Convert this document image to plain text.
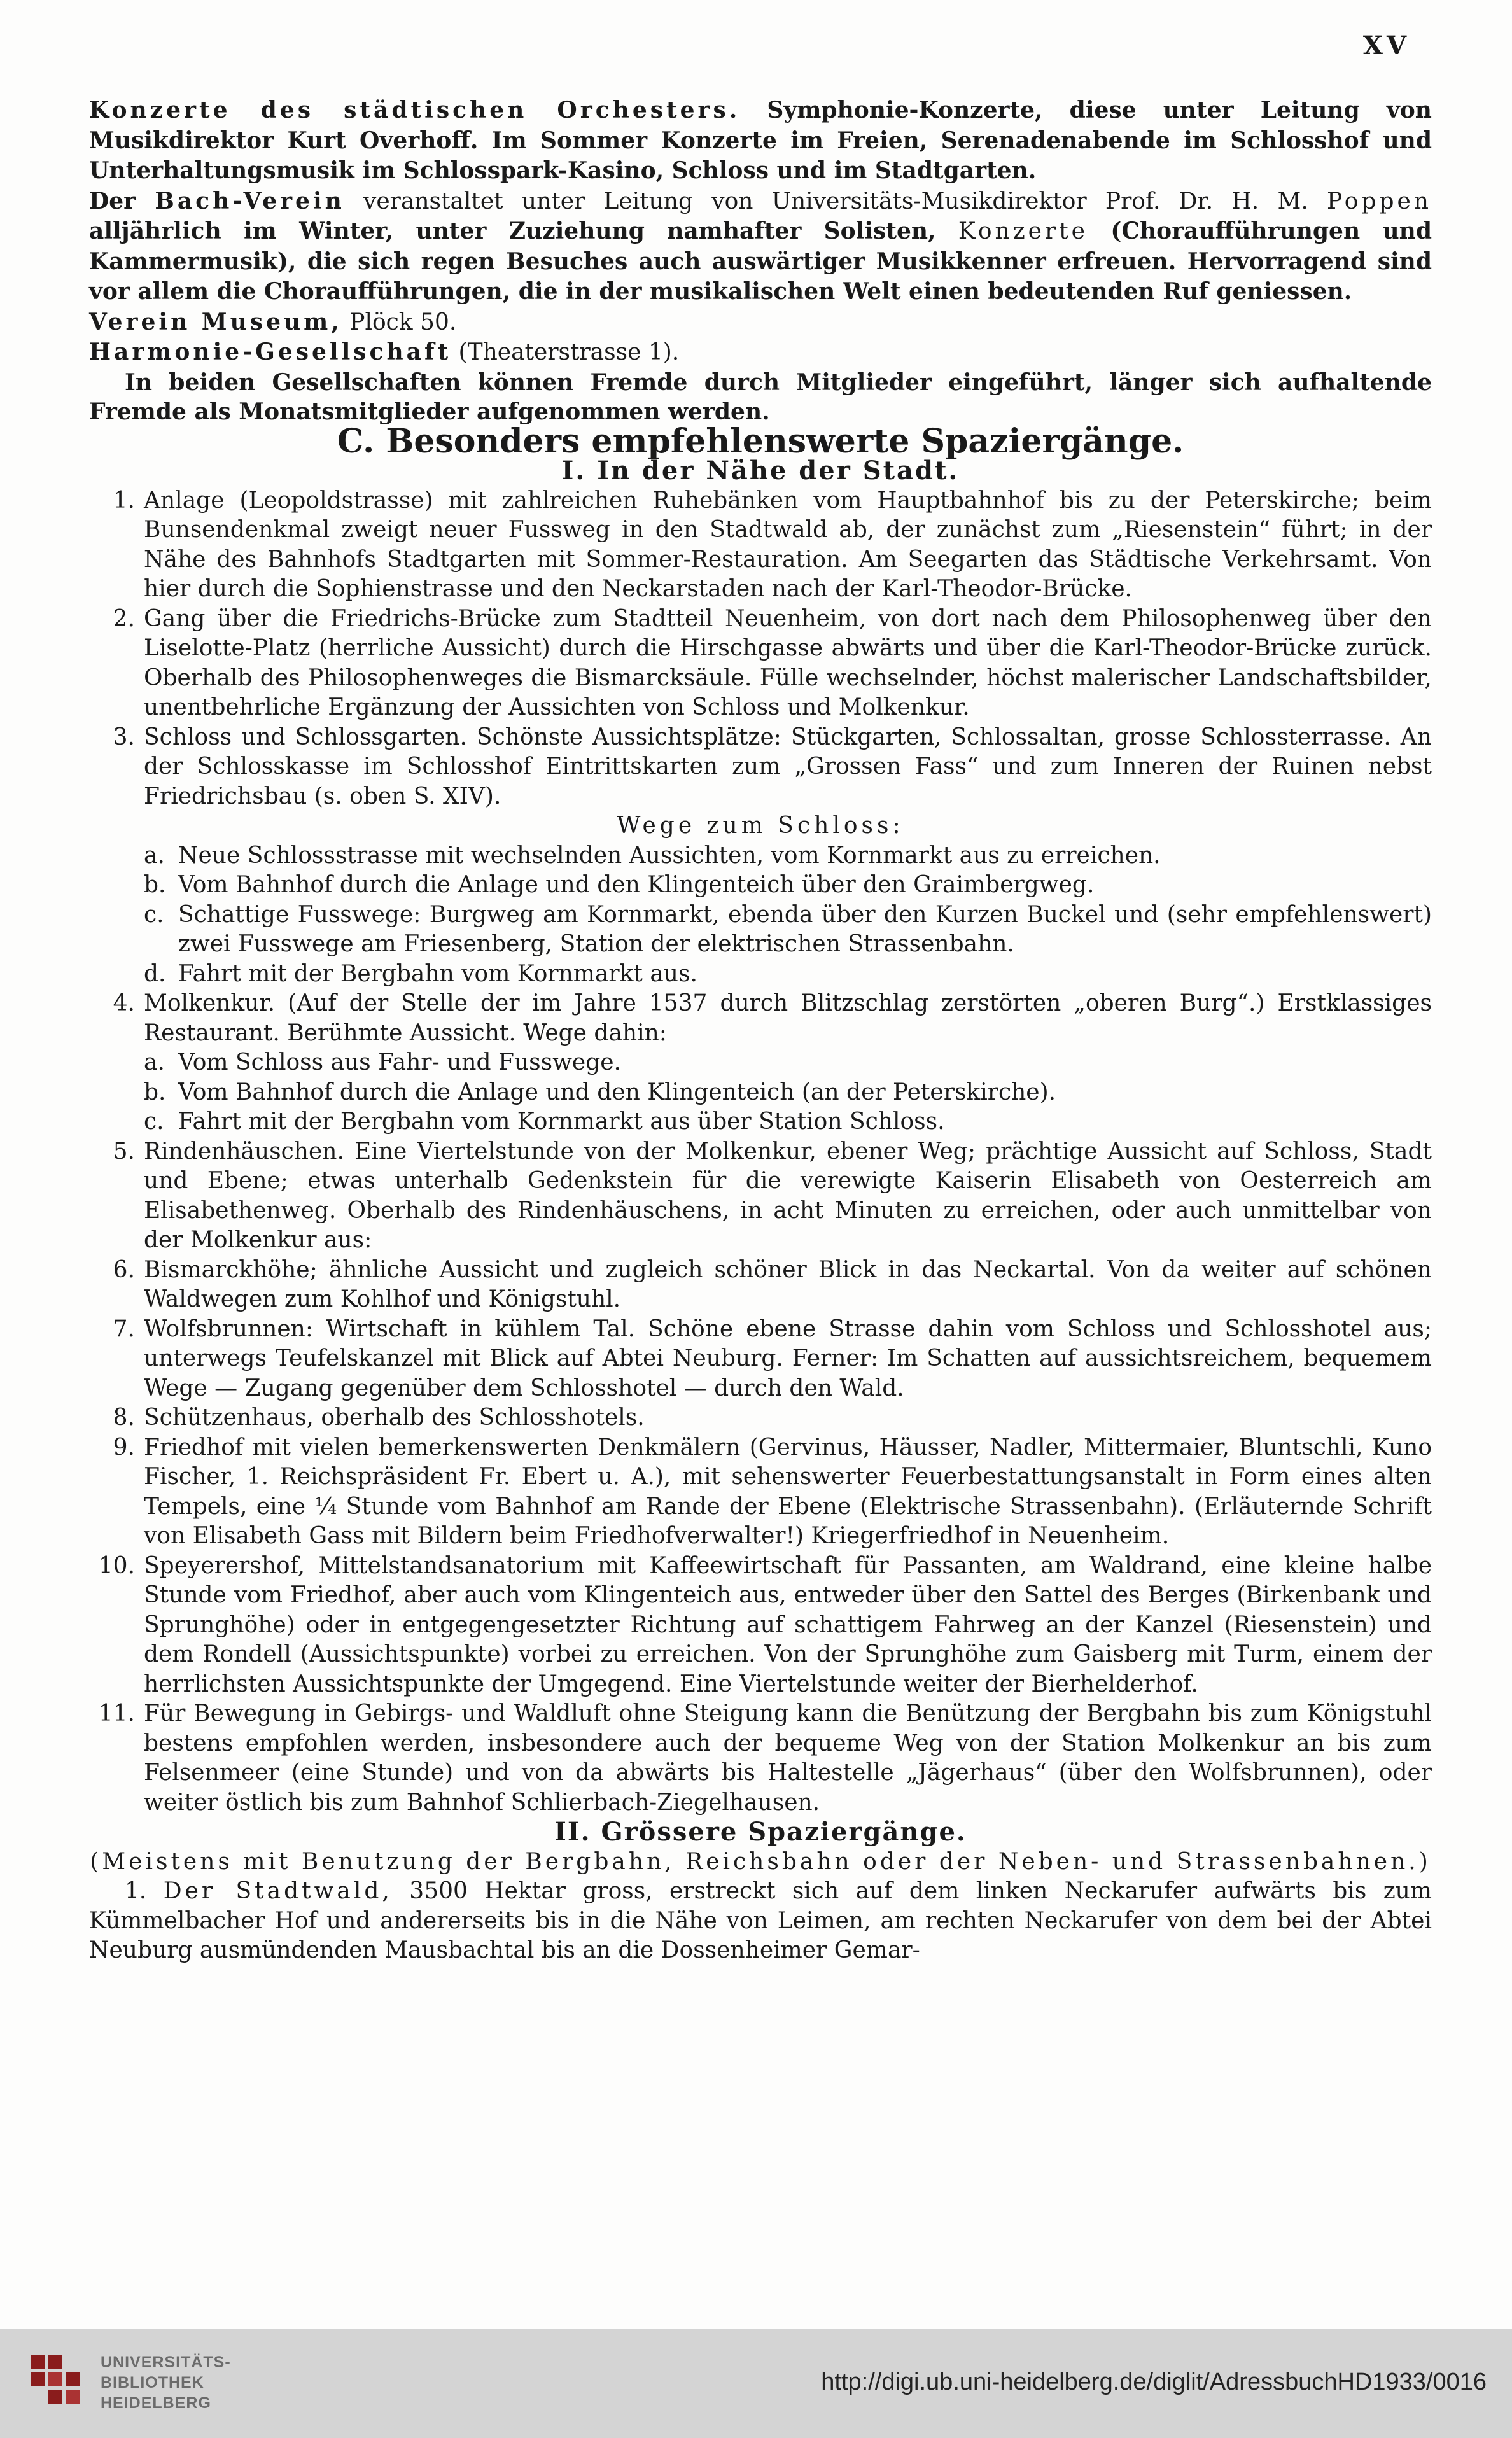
XV

Konzerte des städtischen Orchesters. Symphonie-Konzerte, diese unter Leitung von Musikdirektor Kurt Overhoff. Im Sommer Konzerte im Freien, Serenadenabende im Schlosshof und Unterhaltungsmusik im Schlosspark-Kasino, Schloss und im Stadtgarten.

Der Bach-Verein veranstaltet unter Leitung von Universitäts-Musikdirektor Prof. Dr. H. M. Poppen alljährlich im Winter, unter Zuziehung namhafter Solisten, Konzerte (Choraufführungen und Kammermusik), die sich regen Besuches auch auswärtiger Musikkenner erfreuen. Hervorragend sind vor allem die Choraufführungen, die in der musikalischen Welt einen bedeutenden Ruf geniessen.

Verein Museum, Plöck 50.

Harmonie-Gesellschaft (Theaterstrasse 1).

In beiden Gesellschaften können Fremde durch Mitglieder eingeführt, länger sich aufhaltende Fremde als Monatsmitglieder aufgenommen werden.

C. Besonders empfehlenswerte Spaziergänge.

I. In der Nähe der Stadt.

1. Anlage (Leopoldstrasse) mit zahlreichen Ruhebänken vom Hauptbahnhof bis zu der Peterskirche; beim Bunsendenkmal zweigt neuer Fussweg in den Stadtwald ab, der zunächst zum „Riesenstein“ führt; in der Nähe des Bahnhofs Stadtgarten mit Sommer-Restauration. Am Seegarten das Städtische Verkehrsamt. Von hier durch die Sophienstrasse und den Neckarstaden nach der Karl-Theodor-Brücke.
2. Gang über die Friedrichs-Brücke zum Stadtteil Neuenheim, von dort nach dem Philosophenweg über den Liselotte-Platz (herrliche Aussicht) durch die Hirschgasse abwärts und über die Karl-Theodor-Brücke zurück. Oberhalb des Philosophenweges die Bismarcksäule. Fülle wechselnder, höchst malerischer Landschaftsbilder, unentbehrliche Ergänzung der Aussichten von Schloss und Molkenkur.
3. Schloss und Schlossgarten. Schönste Aussichtsplätze: Stückgarten, Schlossaltan, grosse Schlossterrasse. An der Schlosskasse im Schlosshof Eintrittskarten zum „Grossen Fass“ und zum Inneren der Ruinen nebst Friedrichsbau (s. oben S. XIV).

Wege zum Schloss:

a. Neue Schlossstrasse mit wechselnden Aussichten, vom Kornmarkt aus zu erreichen.
b. Vom Bahnhof durch die Anlage und den Klingenteich über den Graimbergweg.
c. Schattige Fusswege: Burgweg am Kornmarkt, ebenda über den Kurzen Buckel und (sehr empfehlenswert) zwei Fusswege am Friesenberg, Station der elektrischen Strassenbahn.
d. Fahrt mit der Bergbahn vom Kornmarkt aus.
4. Molkenkur. (Auf der Stelle der im Jahre 1537 durch Blitzschlag zerstörten „oberen Burg“.) Erstklassiges Restaurant. Berühmte Aussicht. Wege dahin:
a. Vom Schloss aus Fahr- und Fusswege.
b. Vom Bahnhof durch die Anlage und den Klingenteich (an der Peterskirche).
c. Fahrt mit der Bergbahn vom Kornmarkt aus über Station Schloss.
5. Rindenhäuschen. Eine Viertelstunde von der Molkenkur, ebener Weg; prächtige Aussicht auf Schloss, Stadt und Ebene; etwas unterhalb Gedenkstein für die verewigte Kaiserin Elisabeth von Oesterreich am Elisabethenweg. Oberhalb des Rindenhäuschens, in acht Minuten zu erreichen, oder auch unmittelbar von der Molkenkur aus:
6. Bismarckhöhe; ähnliche Aussicht und zugleich schöner Blick in das Neckartal. Von da weiter auf schönen Waldwegen zum Kohlhof und Königstuhl.
7. Wolfsbrunnen: Wirtschaft in kühlem Tal. Schöne ebene Strasse dahin vom Schloss und Schlosshotel aus; unterwegs Teufelskanzel mit Blick auf Abtei Neuburg. Ferner: Im Schatten auf aussichtsreichem, bequemem Wege — Zugang gegenüber dem Schlosshotel — durch den Wald.
8. Schützenhaus, oberhalb des Schlosshotels.
9. Friedhof mit vielen bemerkenswerten Denkmälern (Gervinus, Häusser, Nadler, Mittermaier, Bluntschli, Kuno Fischer, 1. Reichspräsident Fr. Ebert u. A.), mit sehenswerter Feuerbestattungsanstalt in Form eines alten Tempels, eine ¼ Stunde vom Bahnhof am Rande der Ebene (Elektrische Strassenbahn). (Erläuternde Schrift von Elisabeth Gass mit Bildern beim Friedhofverwalter!) Kriegerfriedhof in Neuenheim.
10. Speyerershof, Mittelstandsanatorium mit Kaffeewirtschaft für Passanten, am Waldrand, eine kleine halbe Stunde vom Friedhof, aber auch vom Klingenteich aus, entweder über den Sattel des Berges (Birkenbank und Sprunghöhe) oder in entgegengesetzter Richtung auf schattigem Fahrweg an der Kanzel (Riesenstein) und dem Rondell (Aussichtspunkte) vorbei zu erreichen. Von der Sprunghöhe zum Gaisberg mit Turm, einem der herrlichsten Aussichtspunkte der Umgegend. Eine Viertelstunde weiter der Bierhelderhof.
11. Für Bewegung in Gebirgs- und Waldluft ohne Steigung kann die Benützung der Bergbahn bis zum Königstuhl bestens empfohlen werden, insbesondere auch der bequeme Weg von der Station Molkenkur an bis zum Felsenmeer (eine Stunde) und von da abwärts bis Haltestelle „Jägerhaus“ (über den Wolfsbrunnen), oder weiter östlich bis zum Bahnhof Schlierbach-Ziegelhausen.

II. Grössere Spaziergänge.

(Meistens mit Benutzung der Bergbahn, Reichsbahn oder der Neben- und Strassenbahnen.)

1. Der Stadtwald, 3500 Hektar gross, erstreckt sich auf dem linken Neckarufer aufwärts bis zum Kümmelbacher Hof und andererseits bis in die Nähe von Leimen, am rechten Neckarufer von dem bei der Abtei Neuburg ausmündenden Mausbachtal bis an die Dossenheimer Gemar-

UNIVERSITÄTS-
BIBLIOTHEK
HEIDELBERG
http://digi.ub.uni-heidelberg.de/diglit/AdressbuchHD1933/0016
